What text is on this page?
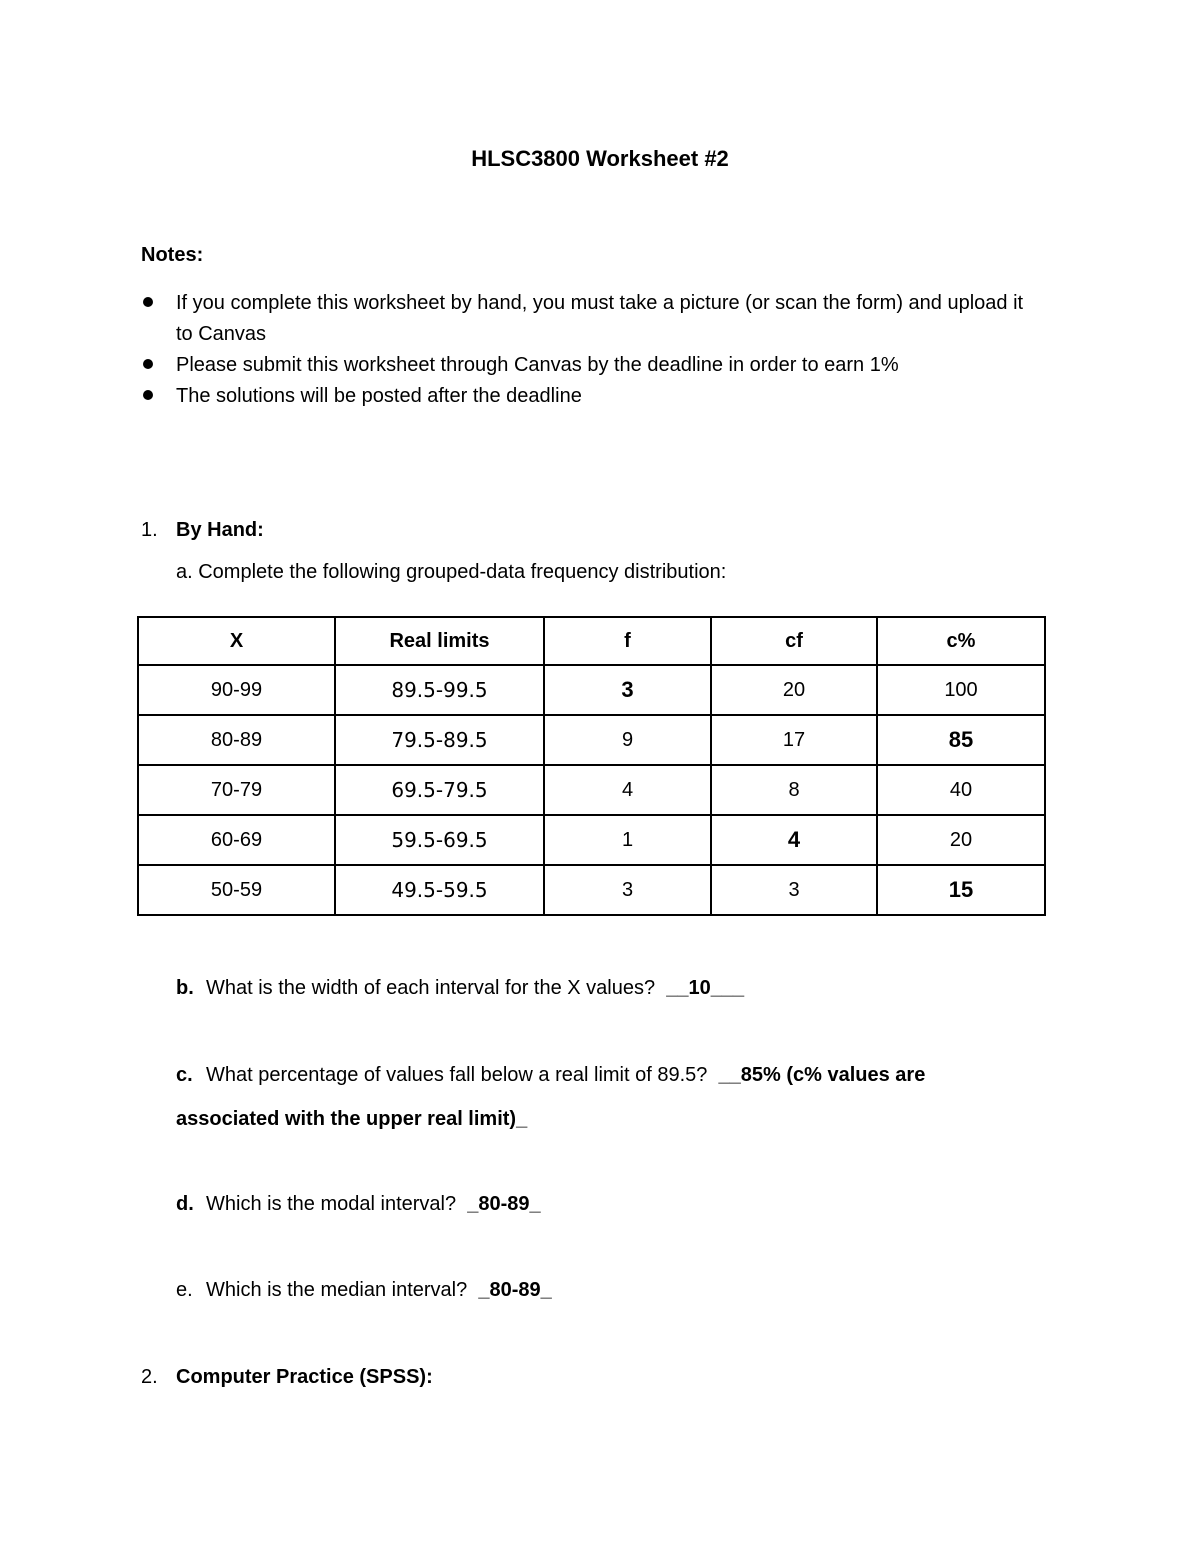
HLSC3800 Worksheet #2
Notes:
If you complete this worksheet by hand, you must take a picture (or scan the form) and upload it to Canvas
Please submit this worksheet through Canvas by the deadline in order to earn 1%
The solutions will be posted after the deadline
1. By Hand:
a. Complete the following grouped-data frequency distribution:
X	Real limits	f	cf	c%
90-99	89.5-99.5	3	20	100
80-89	79.5-89.5	9	17	85
70-79	69.5-79.5	4	8	40
60-69	59.5-69.5	1	4	20
50-59	49.5-59.5	3	3	15
b. What is the width of each interval for the X values? __10___
c. What percentage of values fall below a real limit of 89.5? __85% (c% values are
associated with the upper real limit)_
d. Which is the modal interval? _80-89_
e. Which is the median interval? _80-89_
2. Computer Practice (SPSS):
